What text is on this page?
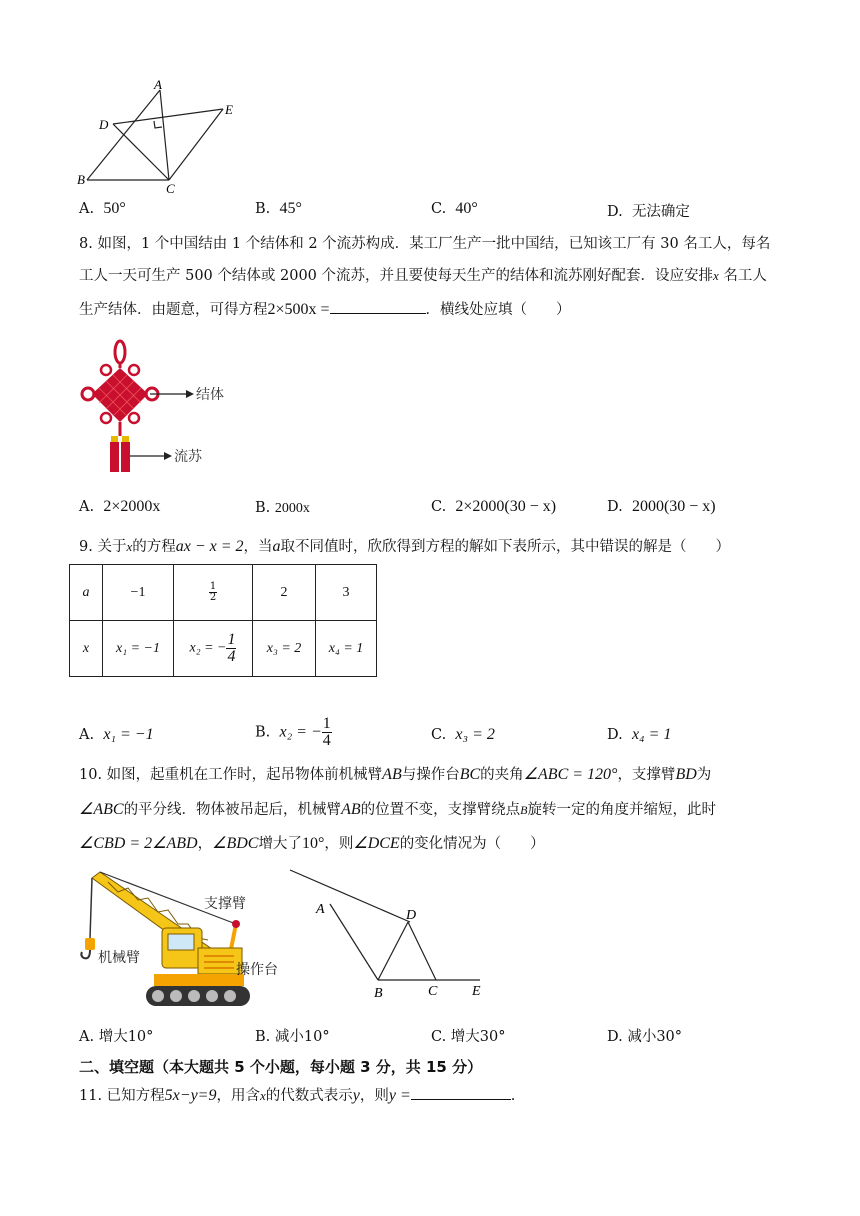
A
D
E
B
C
A. 50°	B. 45°	C. 40°	D. 无法确定
8. 如图，1 个中国结由 1 个结体和 2 个流苏构成．某工厂生产一批中国结，已知该工厂有 30 名工人，每名
工人一天可生产 500 个结体或 2000 个流苏，并且要使每天生产的结体和流苏刚好配套．设应安排x 名工人
生产结体．由题意，可得方程2×500x =	．横线处应填（　　）
结体
流苏
A. 2×2000x	B. 2000x	C. 2×2000(30 − x)	D. 2000(30 − x)
9. 关于x的方程ax − x = 2，当a取不同值时，欣欣得到方程的解如下表所示，其中错误的解是（　　）
a	−1	$\frac{1}{2}$	2	3
x	x₁ = −1	x₂ = − $\frac{1}{4}$	x₃ = 2	x₄ = 1
A. x₁ = −1	B. x₂ = − $\frac{1}{4}$	C. x₃ = 2	D. x₄ = 1
10. 如图，起重机在工作时，起吊物体前机械臂AB与操作台BC的夹角∠ABC = 120°，支撑臂BD为
∠ABC的平分线．物体被吊起后，机械臂AB的位置不变，支撑臂绕点B旋转一定的角度并缩短，此时
∠CBD = 2∠ABD，∠BDC增大了10°，则∠DCE的变化情况为（　　）
支撑臂
机械臂
操作台
A	D
B	C E
A. 增大10°	B. 减小10°	C. 增大30°	D. 减小30°
二、填空题（本大题共 5 个小题，每小题 3 分，共 15 分）
11. 已知方程5x−y=9，用含x的代数式表示y，则y =	.
